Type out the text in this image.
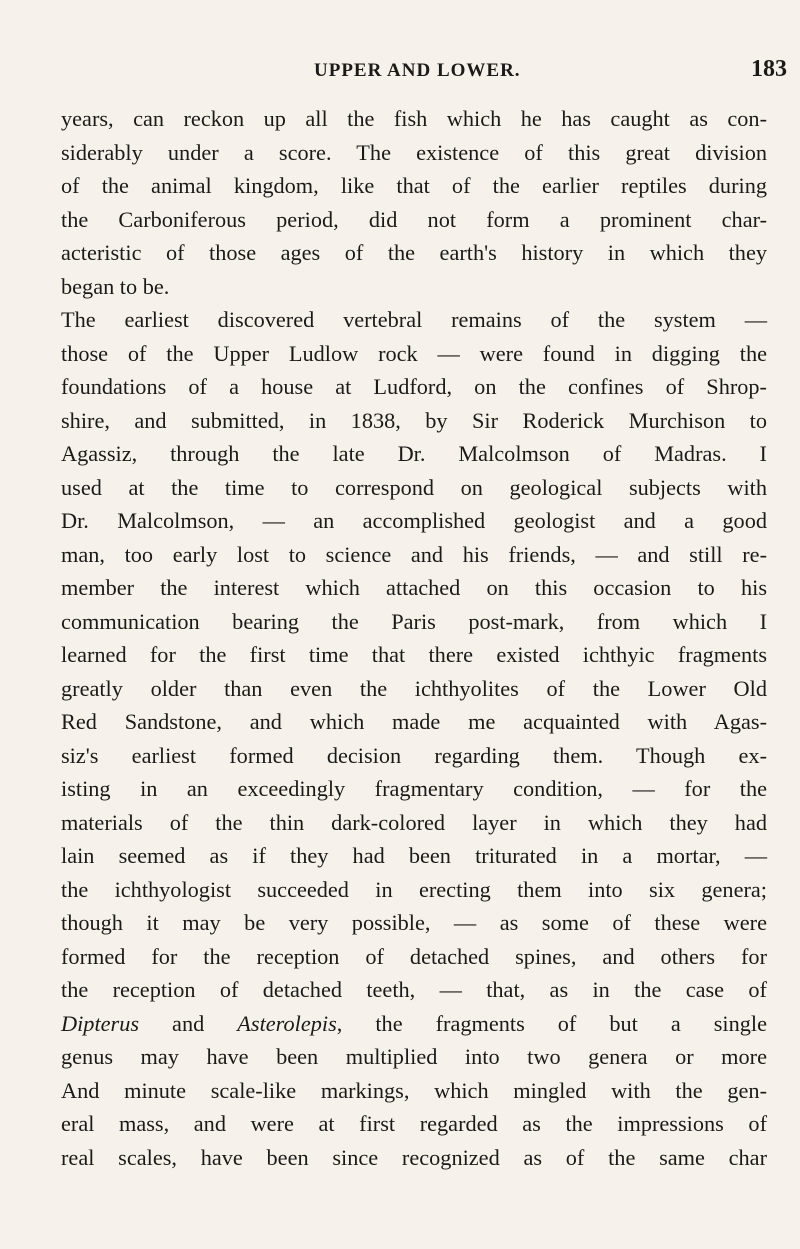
UPPER AND LOWER.	183
years, can reckon up all the fish which he has caught as con-
siderably under a score. The existence of this great division
of the animal kingdom, like that of the earlier reptiles during
the Carboniferous period, did not form a prominent char-
acteristic of those ages of the earth's history in which they
began to be.
The earliest discovered vertebral remains of the system —
those of the Upper Ludlow rock — were found in digging the
foundations of a house at Ludford, on the confines of Shrop-
shire, and submitted, in 1838, by Sir Roderick Murchison to
Agassiz, through the late Dr. Malcolmson of Madras. I
used at the time to correspond on geological subjects with
Dr. Malcolmson, — an accomplished geologist and a good
man, too early lost to science and his friends, — and still re-
member the interest which attached on this occasion to his
communication bearing the Paris post-mark, from which I
learned for the first time that there existed ichthyic fragments
greatly older than even the ichthyolites of the Lower Old
Red Sandstone, and which made me acquainted with Agas-
siz's earliest formed decision regarding them. Though ex-
isting in an exceedingly fragmentary condition, — for the
materials of the thin dark-colored layer in which they had
lain seemed as if they had been triturated in a mortar, —
the ichthyologist succeeded in erecting them into six genera;
though it may be very possible, — as some of these were
formed for the reception of detached spines, and others for
the reception of detached teeth, — that, as in the case of
Dipterus and Asterolepis, the fragments of but a single
genus may have been multiplied into two genera or more
And minute scale-like markings, which mingled with the gen-
eral mass, and were at first regarded as the impressions of
real scales, have been since recognized as of the same char
